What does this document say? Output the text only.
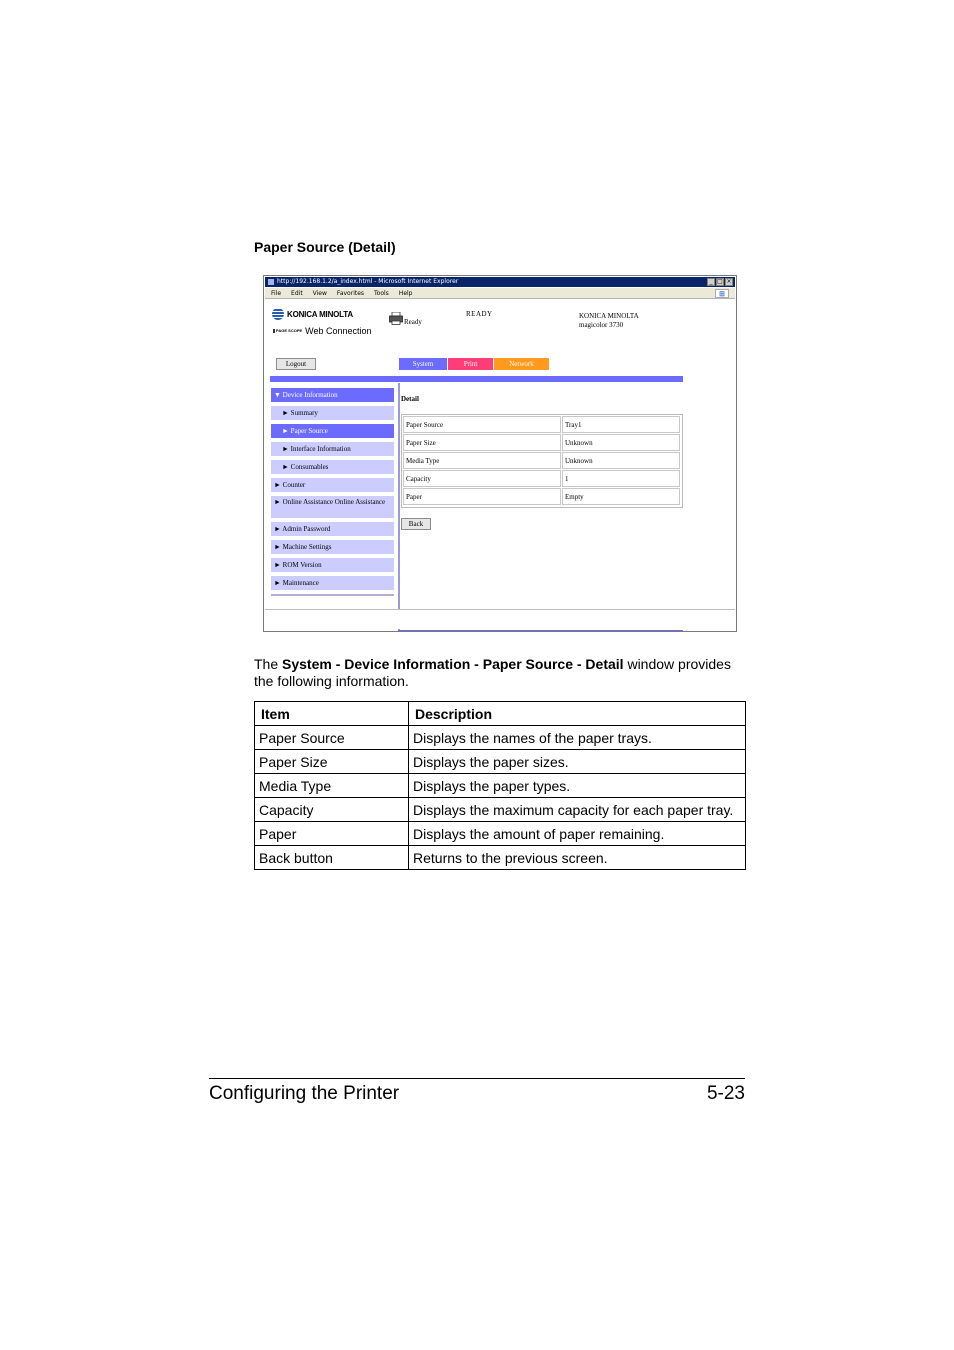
Paper Source (Detail)
http://192.168.1.2/a_index.html - Microsoft Internet Explorer	_ □ ×
File Edit View Favorites Tools Help	⊞
KONICA MINOLTA
PAGE SCOPE Web Connection
Ready
READY	KONICA MINOLTA
magicolor 3730
Logout	System	Print	Network
▼ Device Information
► Summary
► Paper Source
► Interface Information
► Consumables
► Counter
► Online Assistance Online Assistance
► Admin Password
► Machine Settings
► ROM Version
► Maintenance
Detail
Paper Source	Tray1
Paper Size	Unknown
Media Type	Unknown
Capacity	1
Paper	Empty
Back
The System - Device Information - Paper Source - Detail window provides the following information.
Item	Description
Paper Source	Displays the names of the paper trays.
Paper Size	Displays the paper sizes.
Media Type	Displays the paper types.
Capacity	Displays the maximum capacity for each paper tray.
Paper	Displays the amount of paper remaining.
Back button	Returns to the previous screen.
Configuring the Printer	5-23
